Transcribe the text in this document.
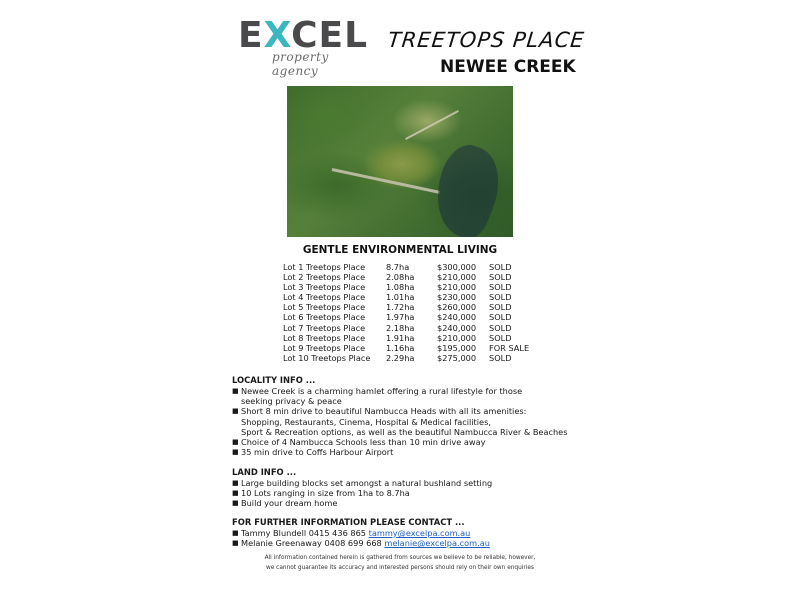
EXCEL
property agency
TREETOPS PLACE
NEWEE CREEK
GENTLE ENVIRONMENTAL LIVING
Lot 1 Treetops Place	8.7ha	$300,000	SOLD
Lot 2 Treetops Place	2.08ha	$210,000	SOLD
Lot 3 Treetops Place	1.08ha	$210,000	SOLD
Lot 4 Treetops Place	1.01ha	$230,000	SOLD
Lot 5 Treetops Place	1.72ha	$260,000	SOLD
Lot 6 Treetops Place	1.97ha	$240,000	SOLD
Lot 7 Treetops Place	2.18ha	$240,000	SOLD
Lot 8 Treetops Place	1.91ha	$210,000	SOLD
Lot 9 Treetops Place	1.16ha	$195,000	FOR SALE
Lot 10 Treetops Place	2.29ha	$275,000	SOLD
LOCALITY INFO ...
■ Newee Creek is a charming hamlet offering a rural lifestyle for those
seeking privacy & peace
■ Short 8 min drive to beautiful Nambucca Heads with all its amenities:
Shopping, Restaurants, Cinema, Hospital & Medical facilities,
Sport & Recreation options, as well as the beautiful Nambucca River & Beaches
■ Choice of 4 Nambucca Schools less than 10 min drive away
■ 35 min drive to Coffs Harbour Airport
LAND INFO ...
■ Large building blocks set amongst a natural bushland setting
■ 10 Lots ranging in size from 1ha to 8.7ha
■ Build your dream home
FOR FURTHER INFORMATION PLEASE CONTACT ...
■ Tammy Blundell 0415 436 865 tammy@excelpa.com.au
■ Melanie Greenaway 0408 699 668 melanie@excelpa.com.au
All information contained herein is gathered from sources we believe to be reliable, however,
we cannot guarantee its accuracy and interested persons should rely on their own enquiries
